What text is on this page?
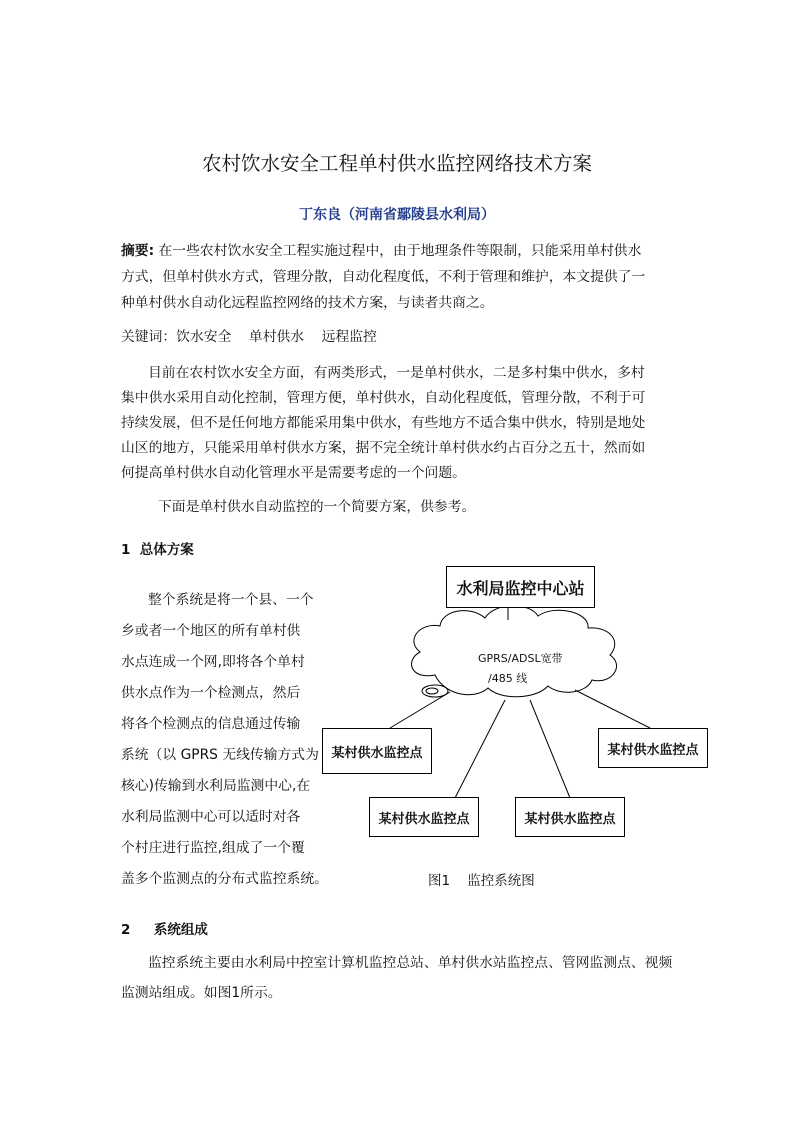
农村饮水安全工程单村供水监控网络技术方案
丁东良（河南省鄢陵县水利局）
摘要: 在一些农村饮水安全工程实施过程中，由于地理条件等限制，只能采用单村供水
方式，但单村供水方式，管理分散，自动化程度低，不利于管理和维护，本文提供了一
种单村供水自动化远程监控网络的技术方案，与读者共商之。
关键词：饮水安全    单村供水    远程监控
目前在农村饮水安全方面，有两类形式，一是单村供水，二是多村集中供水，多村
集中供水采用自动化控制，管理方便，单村供水，自动化程度低，管理分散，不利于可
持续发展，但不是任何地方都能采用集中供水，有些地方不适合集中供水，特别是地处
山区的地方，只能采用单村供水方案，据不完全统计单村供水约占百分之五十，然而如
何提高单村供水自动化管理水平是需要考虑的一个问题。
下面是单村供水自动监控的一个简要方案，供参考。
1  总体方案
整个系统是将一个县、一个
乡或者一个地区的所有单村供
水点连成一个网,即将各个单村
供水点作为一个检测点，然后
将各个检测点的信息通过传输
系统（以 GPRS 无线传输方式为
核心)传输到水利局监测中心,在
水利局监测中心可以适时对各
个村庄进行监控,组成了一个覆
盖多个监测点的分布式监控系统。
GPRS/ADSL宽带
/485 线
水利局监控中心站
某村供水监控点	某村供水监控点
某村供水监控点	某村供水监控点
图1    监控系统图
2     系统组成
监控系统主要由水利局中控室计算机监控总站、单村供水站监控点、管网监测点、视频
监测站组成。如图1所示。
